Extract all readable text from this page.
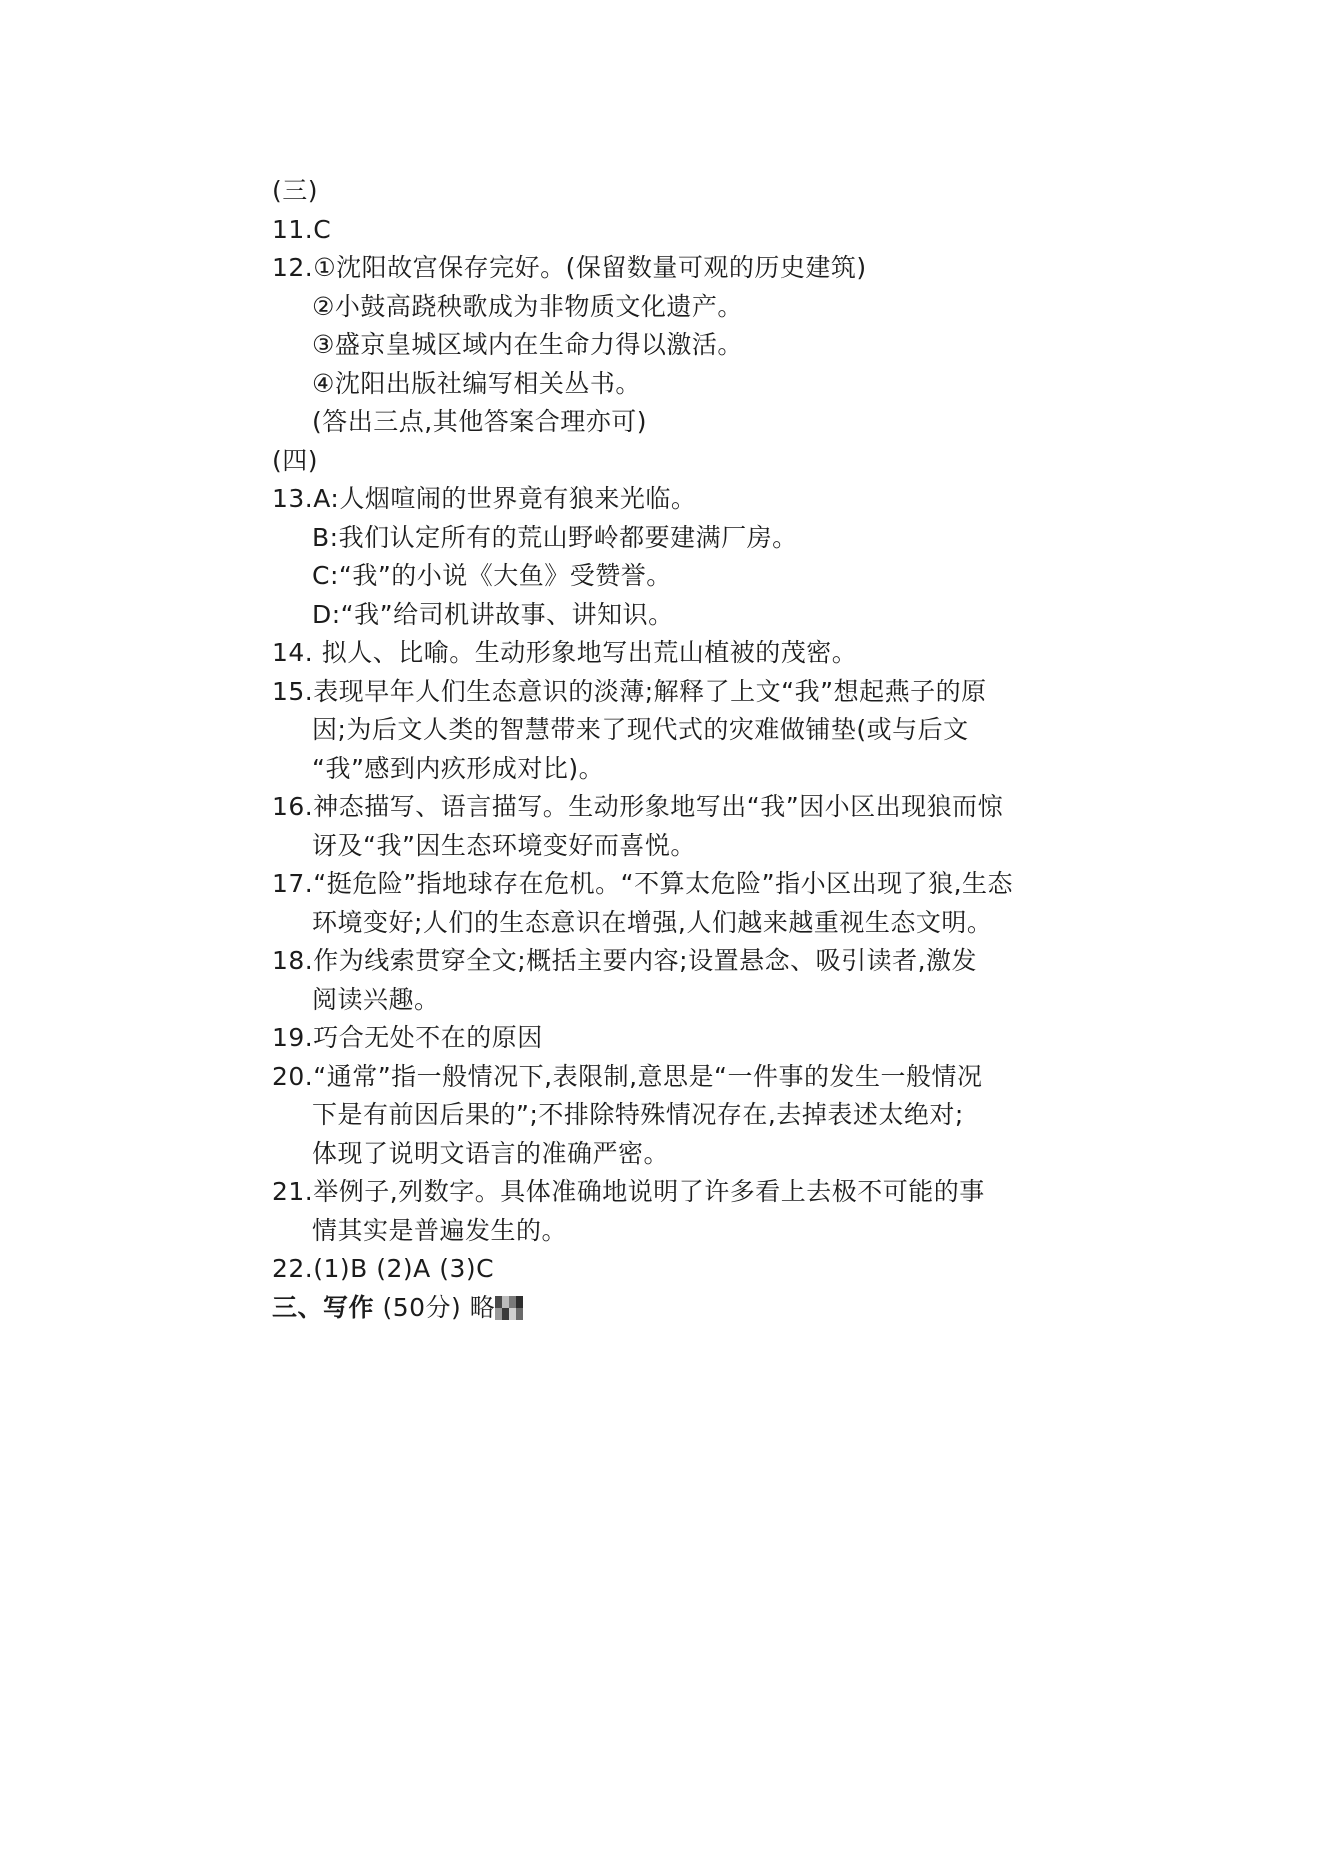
(三)
11.C
12.①沈阳故宫保存完好。(保留数量可观的历史建筑)
②小鼓高跷秧歌成为非物质文化遗产。
③盛京皇城区域内在生命力得以激活。
④沈阳出版社编写相关丛书。
(答出三点,其他答案合理亦可)
(四)
13.A:人烟喧闹的世界竟有狼来光临。
B:我们认定所有的荒山野岭都要建满厂房。
C:“我”的小说《大鱼》受赞誉。
D:“我”给司机讲故事、讲知识。
14. 拟人、比喻。生动形象地写出荒山植被的茂密。
15.表现早年人们生态意识的淡薄;解释了上文“我”想起燕子的原
因;为后文人类的智慧带来了现代式的灾难做铺垫(或与后文
“我”感到内疚形成对比)。
16.神态描写、语言描写。生动形象地写出“我”因小区出现狼而惊
讶及“我”因生态环境变好而喜悦。
17.“挺危险”指地球存在危机。“不算太危险”指小区出现了狼,生态
环境变好;人们的生态意识在增强,人们越来越重视生态文明。
18.作为线索贯穿全文;概括主要内容;设置悬念、吸引读者,激发
阅读兴趣。
19.巧合无处不在的原因
20.“通常”指一般情况下,表限制,意思是“一件事的发生一般情况
下是有前因后果的”;不排除特殊情况存在,去掉表述太绝对;
体现了说明文语言的准确严密。
21.举例子,列数字。具体准确地说明了许多看上去极不可能的事
情其实是普遍发生的。
22.(1)B (2)A (3)C
三、写作 (50分) 略
